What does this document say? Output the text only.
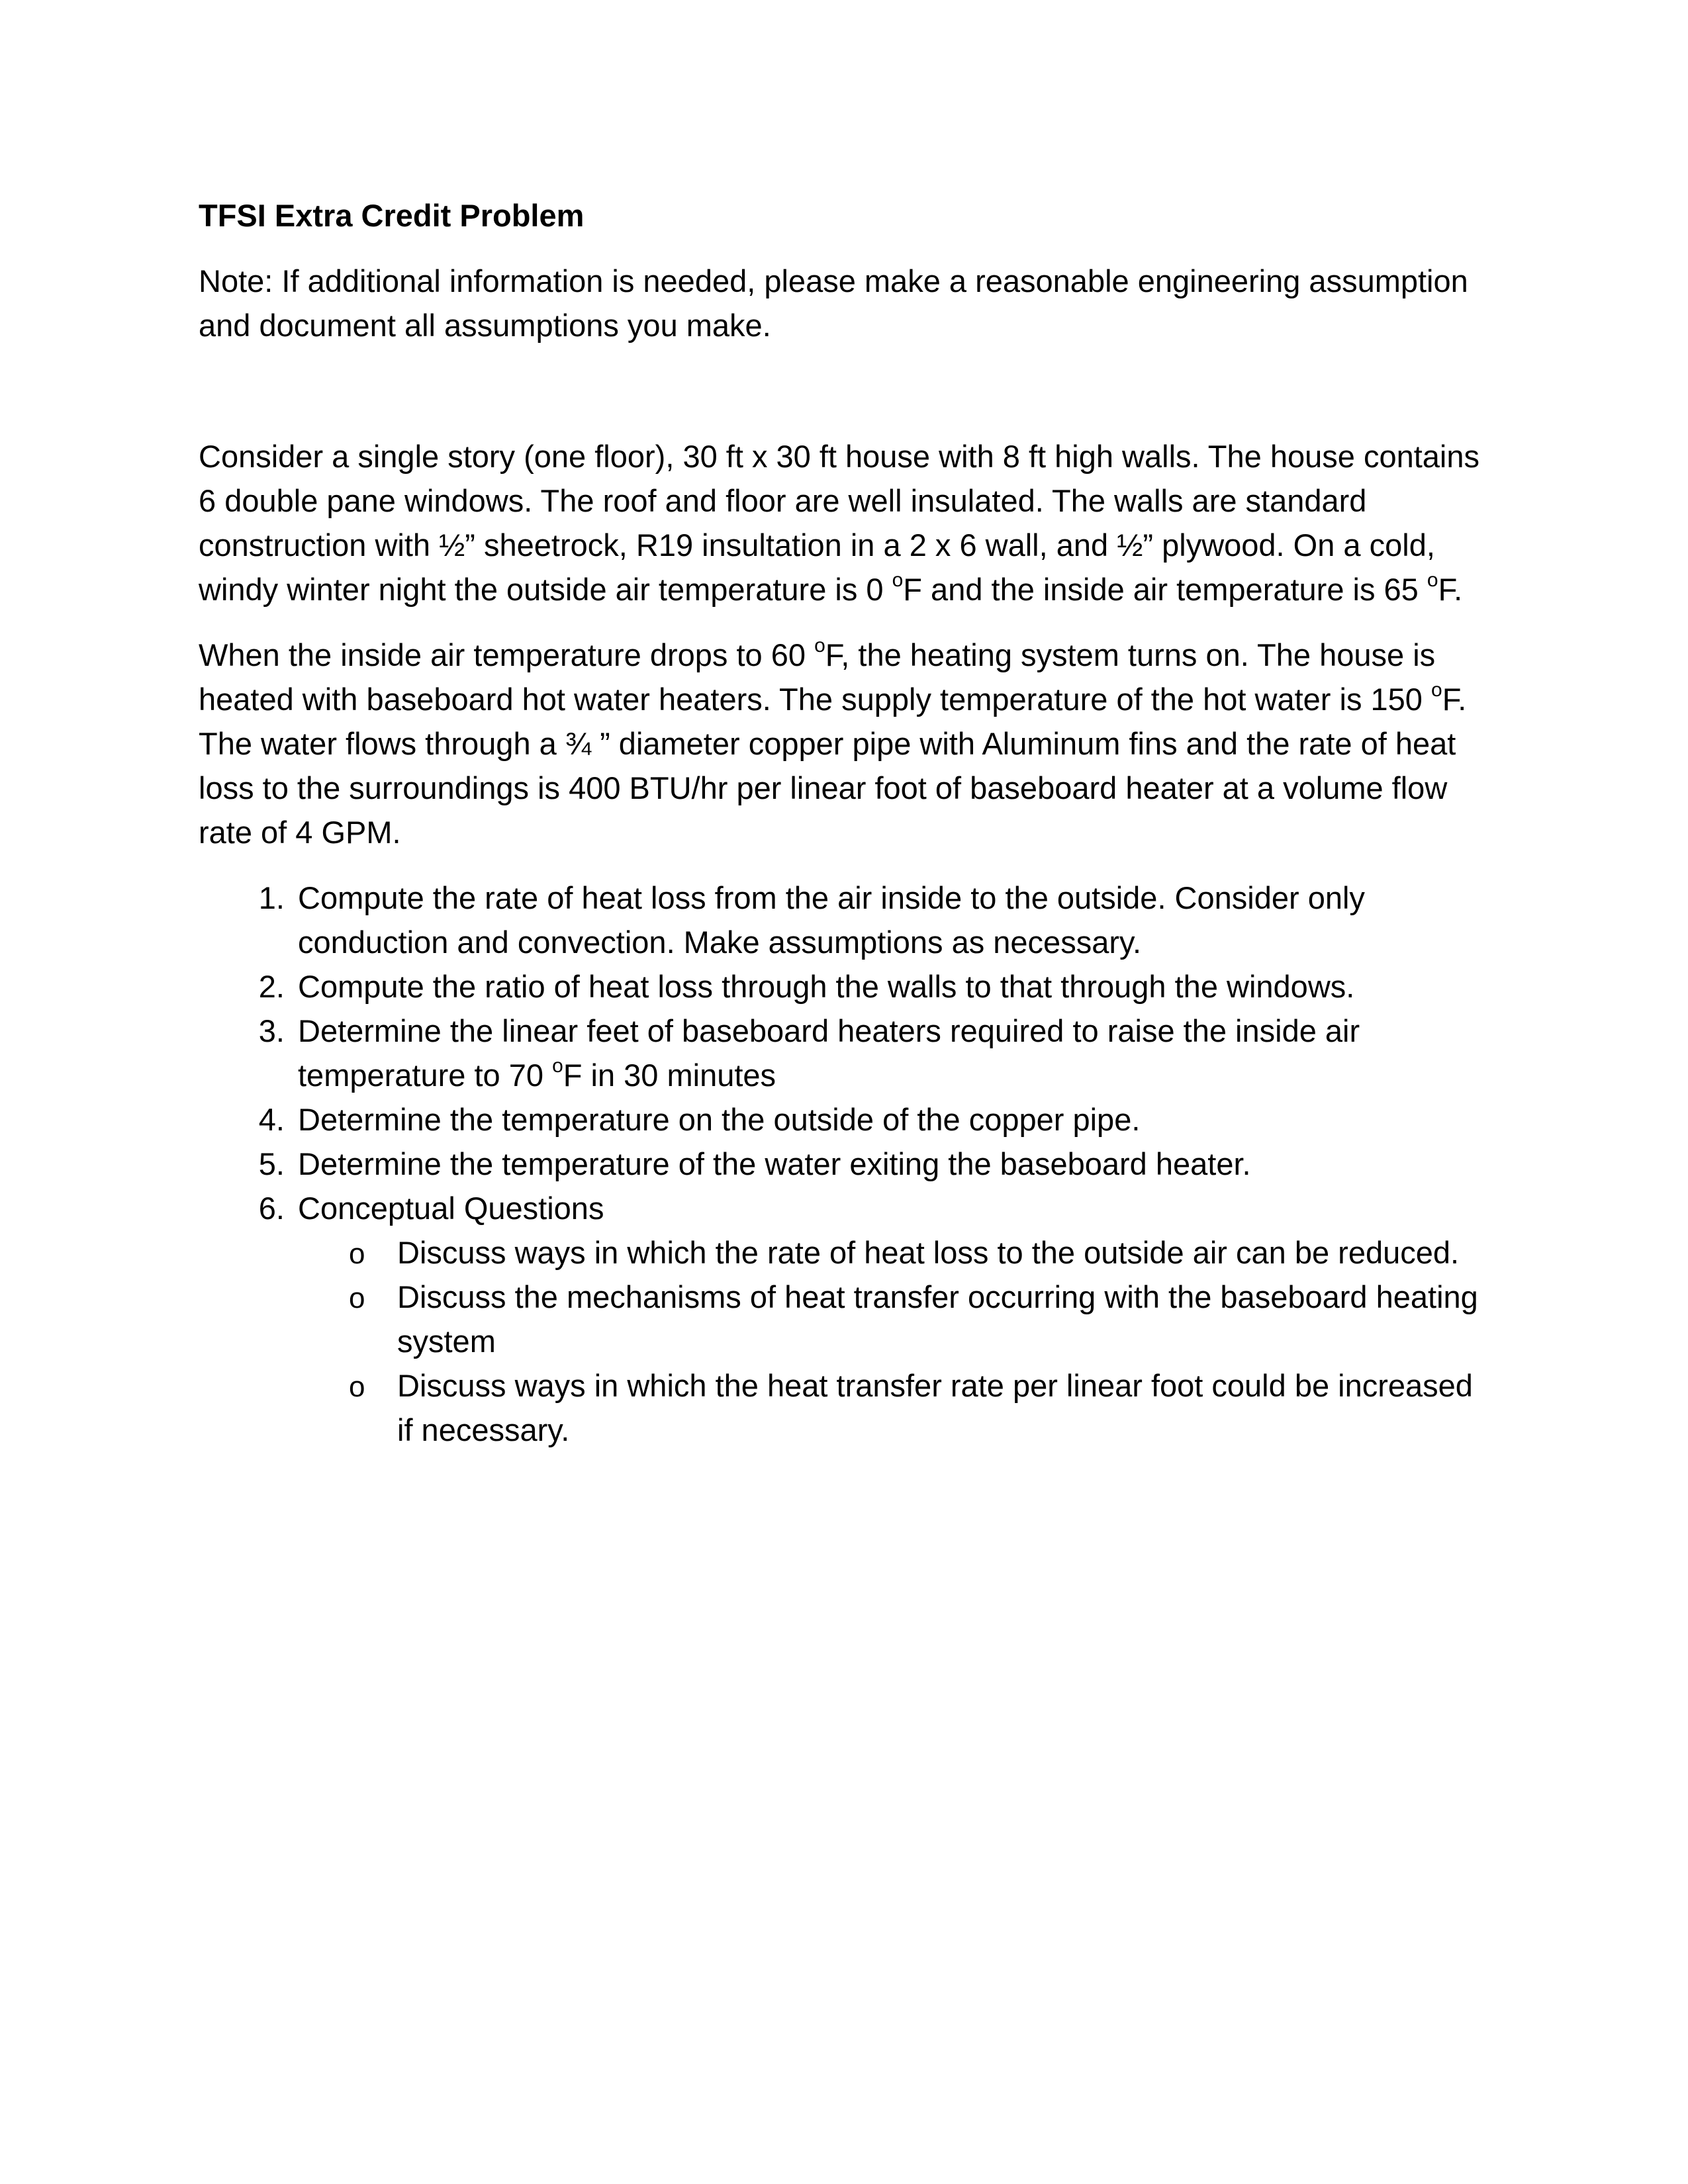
TFSI Extra Credit Problem

Note: If additional information is needed, please make a reasonable engineering assumption and document all assumptions you make.

Consider a single story (one floor), 30 ft x 30 ft house with 8 ft high walls. The house contains 6 double pane windows. The roof and floor are well insulated. The walls are standard construction with ½” sheetrock, R19 insultation in a 2 x 6 wall, and ½” plywood. On a cold, windy winter night the outside air temperature is 0 $^o$F and the inside air temperature is 65 $^o$F.

When the inside air temperature drops to 60 $^o$F, the heating system turns on. The house is heated with baseboard hot water heaters. The supply temperature of the hot water is 150 $^o$F. The water flows through a ¾ ” diameter copper pipe with Aluminum fins and the rate of heat loss to the surroundings is 400 BTU/hr per linear foot of baseboard heater at a volume flow rate of 4 GPM.

1. Compute the rate of heat loss from the air inside to the outside. Consider only conduction and convection. Make assumptions as necessary.
2. Compute the ratio of heat loss through the walls to that through the windows.
3. Determine the linear feet of baseboard heaters required to raise the inside air temperature to 70 $^o$F in 30 minutes
4. Determine the temperature on the outside of the copper pipe.
5. Determine the temperature of the water exiting the baseboard heater.
6. Conceptual Questions
o Discuss ways in which the rate of heat loss to the outside air can be reduced.
o Discuss the mechanisms of heat transfer occurring with the baseboard heating system
o Discuss ways in which the heat transfer rate per linear foot could be increased if necessary.
